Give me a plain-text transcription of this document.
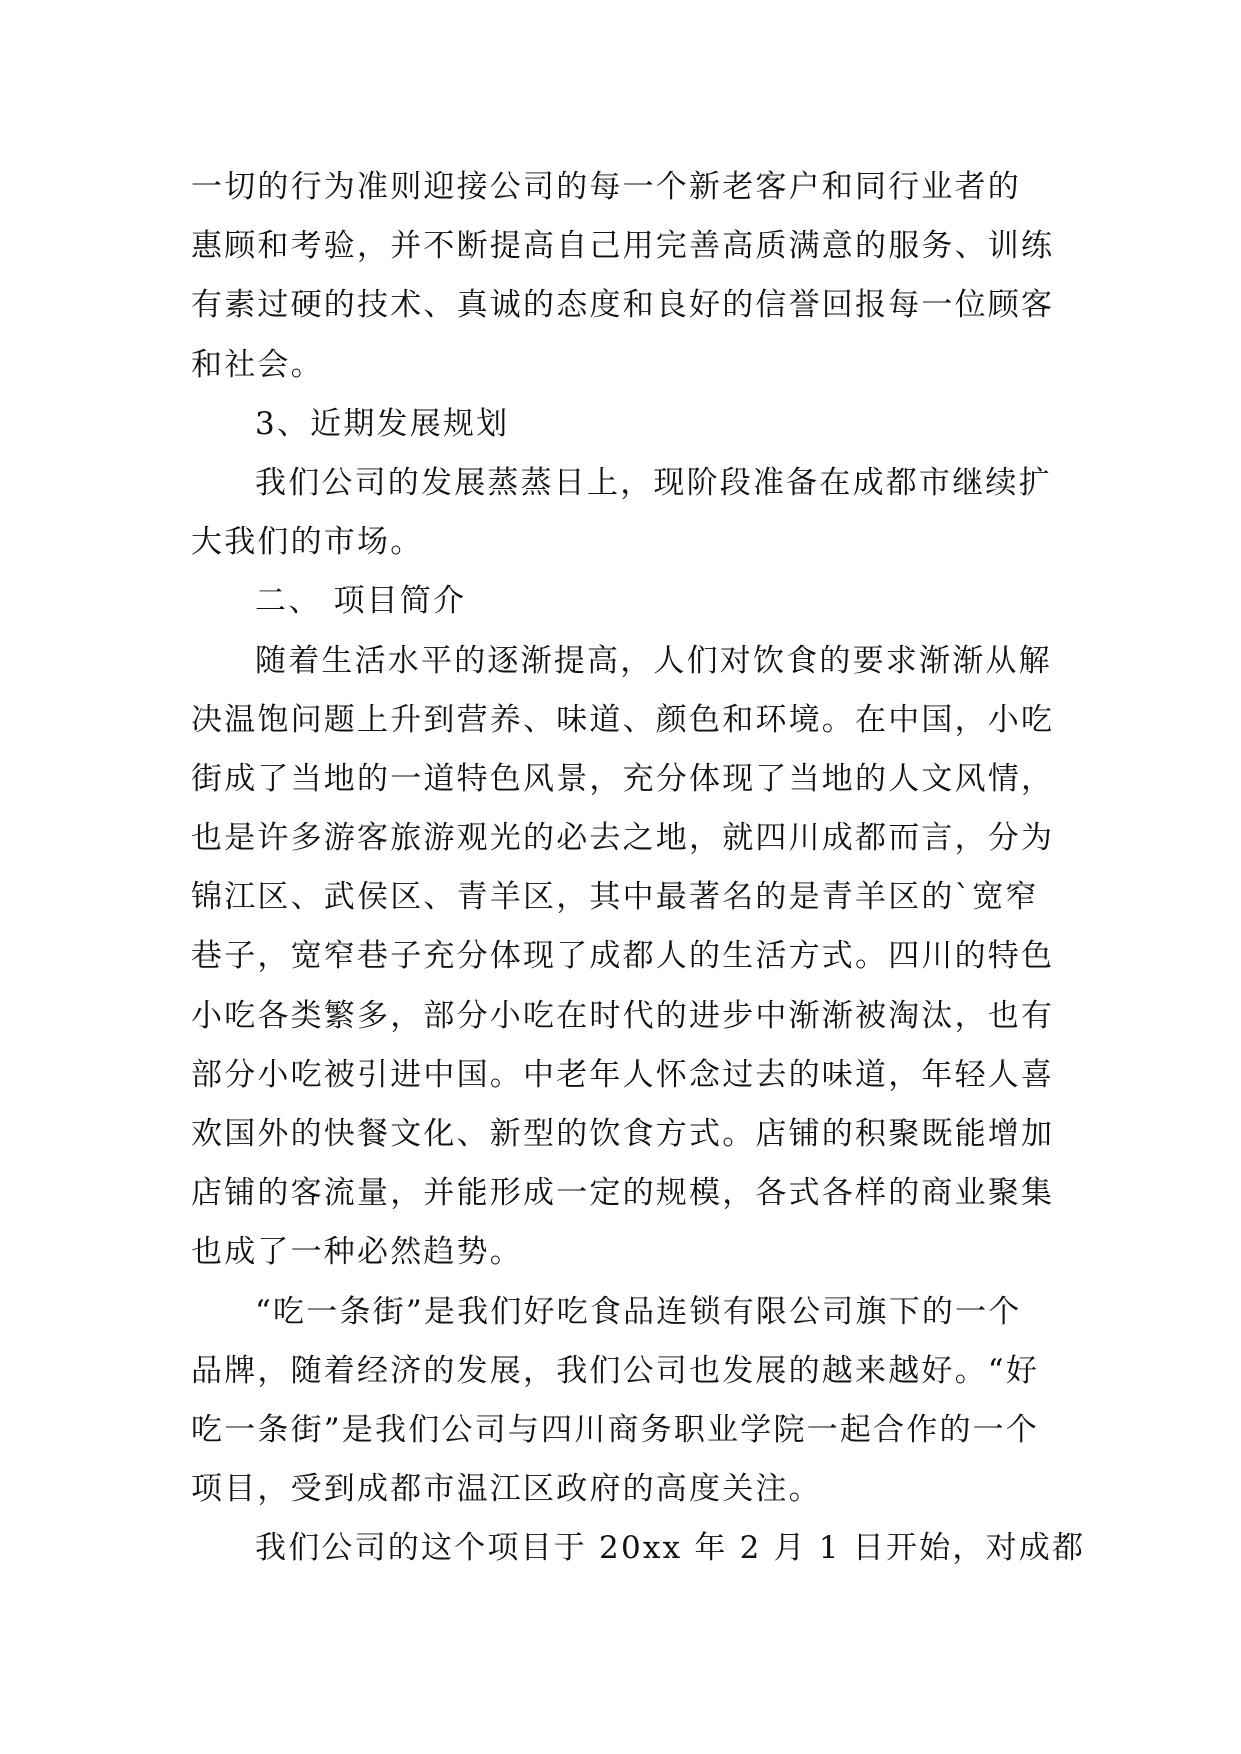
一切的行为准则迎接公司的每一个新老客户和同行业者的
惠顾和考验，并不断提高自己用完善高质满意的服务、训练
有素过硬的技术、真诚的态度和良好的信誉回报每一位顾客
和社会。
3、近期发展规划
我们公司的发展蒸蒸日上，现阶段准备在成都市继续扩
大我们的市场。
二、 项目简介
随着生活水平的逐渐提高，人们对饮食的要求渐渐从解
决温饱问题上升到营养、味道、颜色和环境。在中国，小吃
街成了当地的一道特色风景，充分体现了当地的人文风情，
也是许多游客旅游观光的必去之地，就四川成都而言，分为
锦江区、武侯区、青羊区，其中最著名的是青羊区的`宽窄
巷子，宽窄巷子充分体现了成都人的生活方式。四川的特色
小吃各类繁多，部分小吃在时代的进步中渐渐被淘汰，也有
部分小吃被引进中国。中老年人怀念过去的味道，年轻人喜
欢国外的快餐文化、新型的饮食方式。店铺的积聚既能增加
店铺的客流量，并能形成一定的规模，各式各样的商业聚集
也成了一种必然趋势。
“吃一条街”是我们好吃食品连锁有限公司旗下的一个
品牌，随着经济的发展，我们公司也发展的越来越好。“好
吃一条街”是我们公司与四川商务职业学院一起合作的一个
项目，受到成都市温江区政府的高度关注。
我们公司的这个项目于 20xx 年 2 月 1 日开始，对成都
